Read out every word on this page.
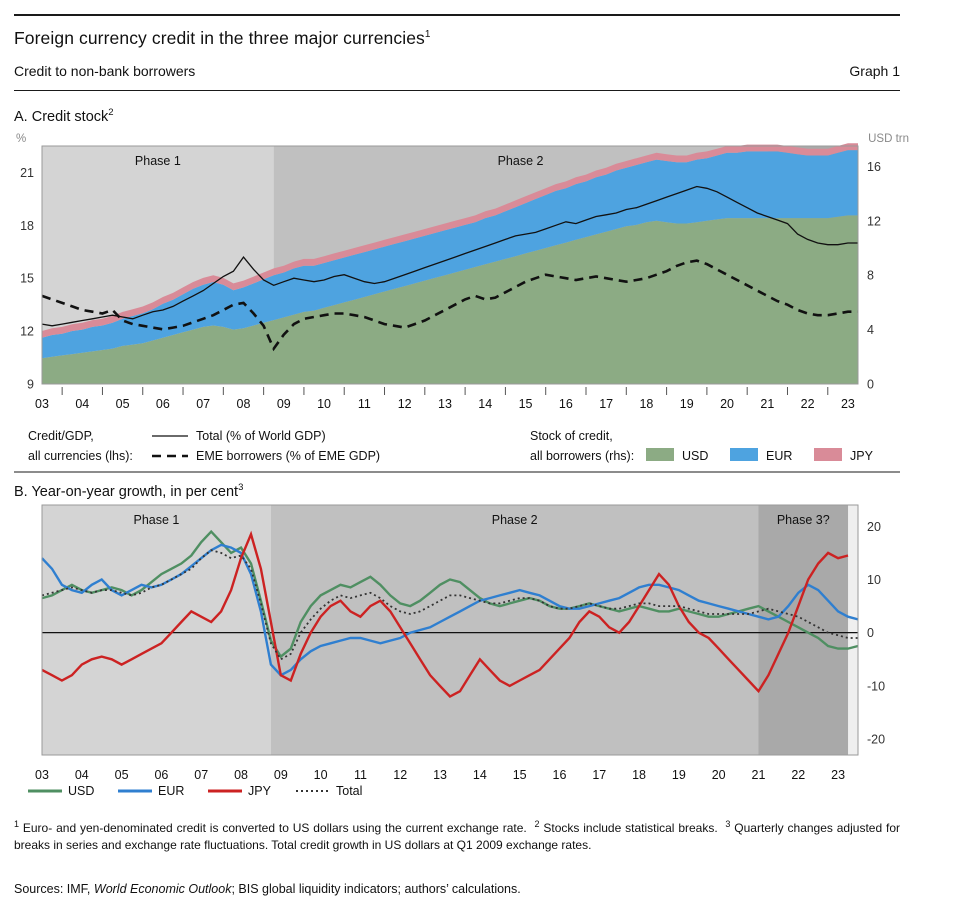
Foreign currency credit in the three major currencies$^1$
Credit to non-bank borrowers	Graph 1
A. Credit stock$^2$
%	USD trn
Phase 1	Phase 2
9
12
15
18
21
0
4
8
12
16
03 04 05 06 07 08 09 10 11 12 13 14 15 16 17 18 19 20 21 22 23
Credit/GDP,
all currencies (lhs):
Total (% of World GDP)
EME borrowers (% of EME GDP)
Stock of credit,
all borrowers (rhs):	USD	EUR	JPY
B. Year-on-year growth, in per cent$^3$
Phase 1	Phase 2	Phase 3?
-20
-10
0
10
20
03 04 05 06 07 08 09 10 11 12 13 14 15 16 17 18 19 20 21 22 23
USD	EUR	JPY	Total
$^1$ Euro- and yen-denominated credit is converted to US dollars using the current exchange rate.  $^2$ Stocks include statistical breaks.  $^3$ Quarterly changes adjusted for breaks in series and exchange rate fluctuations. Total credit growth in US dollars at Q1 2009 exchange rates.
Sources: IMF, World Economic Outlook; BIS global liquidity indicators; authors’ calculations.
